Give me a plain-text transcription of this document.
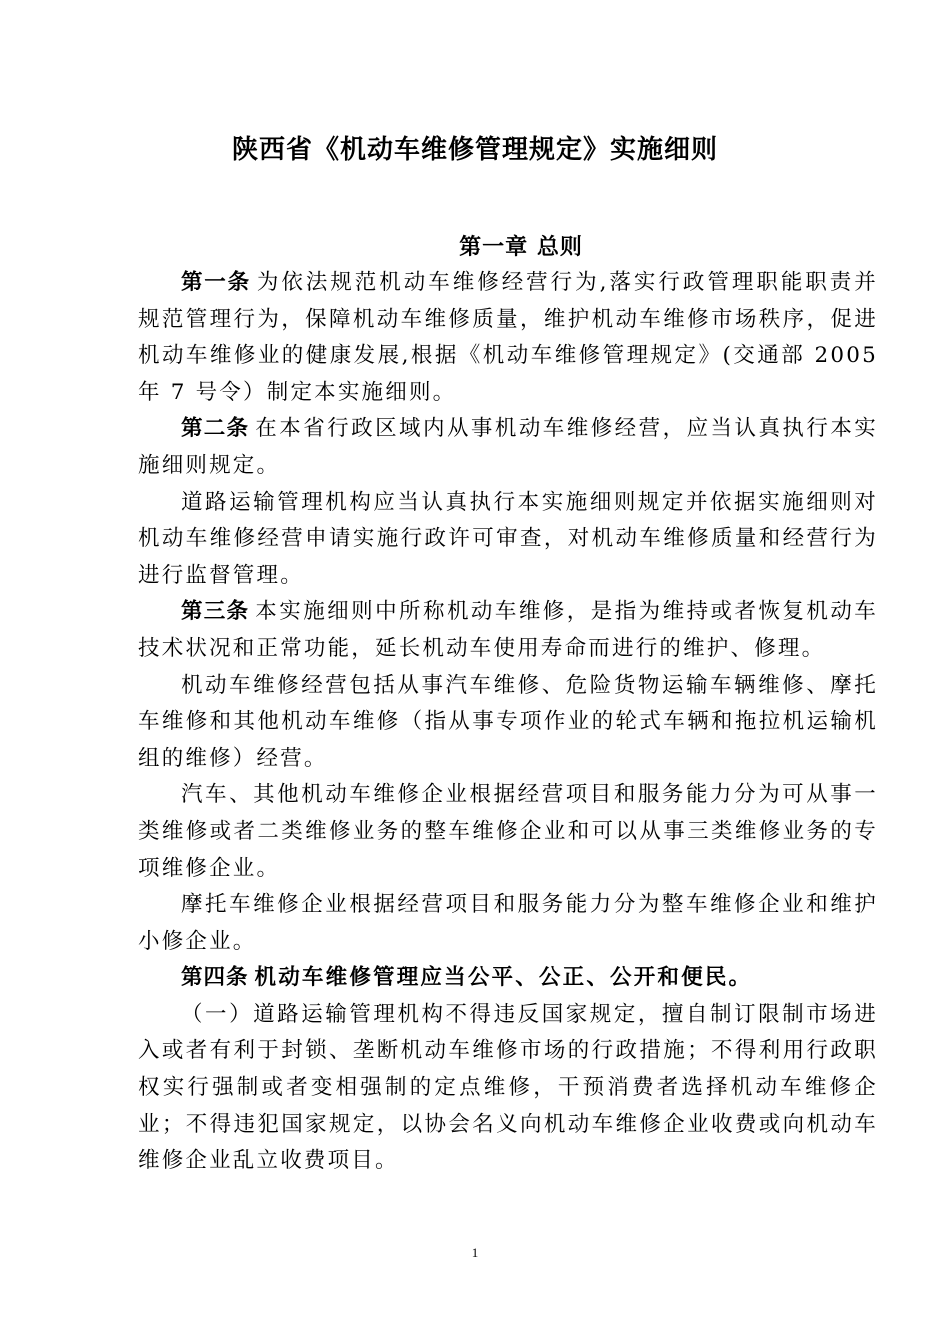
陕西省《机动车维修管理规定》实施细则
第一章 总则

第一条 为依法规范机动车维修经营行为,落实行政管理职能职责并规范管理行为，保障机动车维修质量，维护机动车维修市场秩序，促进机动车维修业的健康发展,根据《机动车维修管理规定》(交通部 2005 年 7 号令）制定本实施细则。

第二条 在本省行政区域内从事机动车维修经营，应当认真执行本实施细则规定。

道路运输管理机构应当认真执行本实施细则规定并依据实施细则对机动车维修经营申请实施行政许可审查，对机动车维修质量和经营行为进行监督管理。

第三条 本实施细则中所称机动车维修，是指为维持或者恢复机动车技术状况和正常功能，延长机动车使用寿命而进行的维护、修理。

机动车维修经营包括从事汽车维修、危险货物运输车辆维修、摩托车维修和其他机动车维修（指从事专项作业的轮式车辆和拖拉机运输机组的维修）经营。

汽车、其他机动车维修企业根据经营项目和服务能力分为可从事一类维修或者二类维修业务的整车维修企业和可以从事三类维修业务的专项维修企业。

摩托车维修企业根据经营项目和服务能力分为整车维修企业和维护小修企业。

第四条 机动车维修管理应当公平、公正、公开和便民。

（一）道路运输管理机构不得违反国家规定，擅自制订限制市场进入或者有利于封锁、垄断机动车维修市场的行政措施；不得利用行政职权实行强制或者变相强制的定点维修，干预消费者选择机动车维修企业；不得违犯国家规定，以协会名义向机动车维修企业收费或向机动车维修企业乱立收费项目。

1
